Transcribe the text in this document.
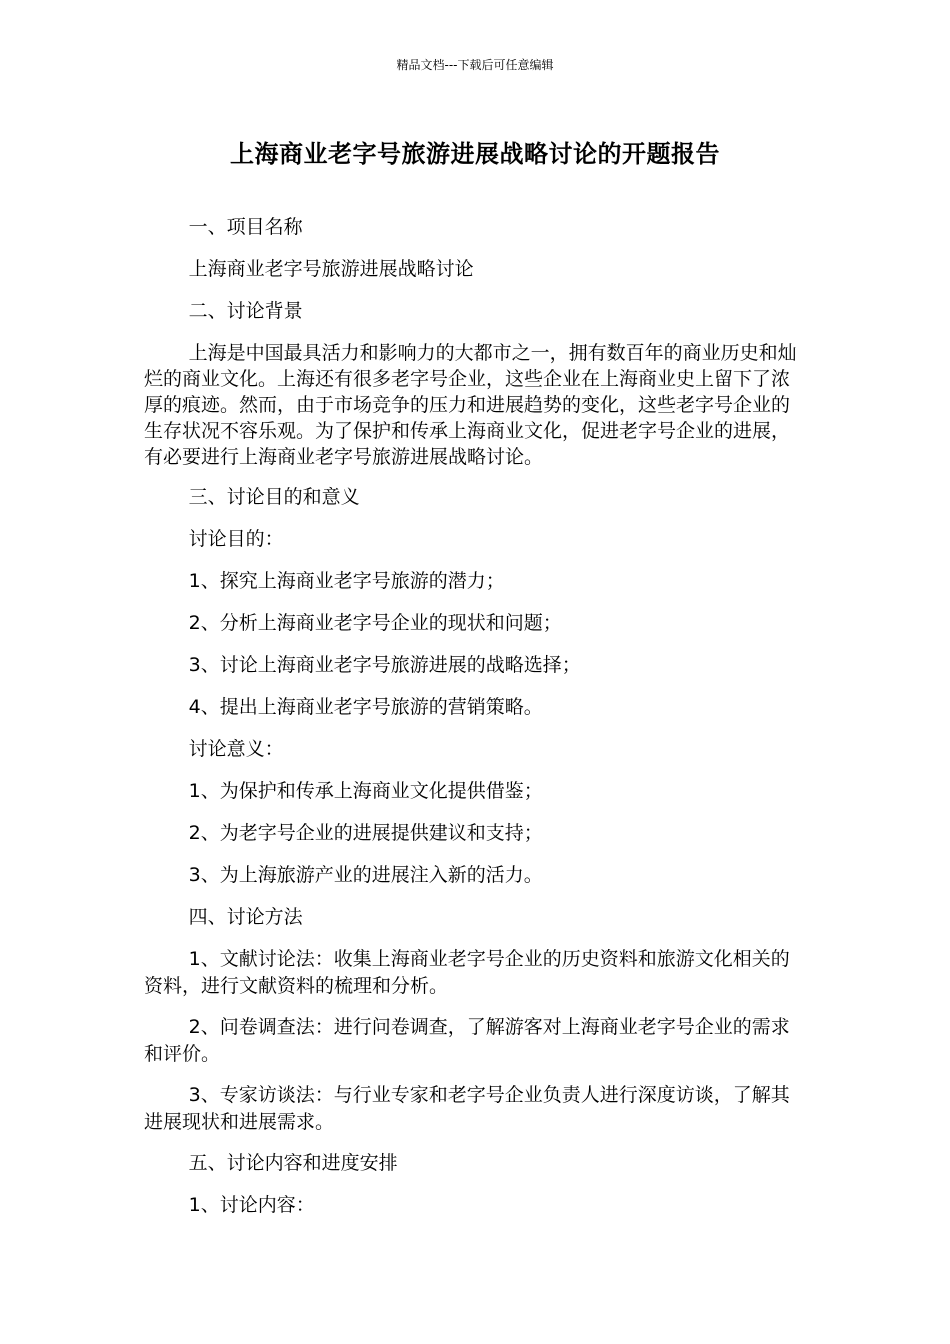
精品文档---下载后可任意编辑
上海商业老字号旅游进展战略讨论的开题报告

一、项目名称

上海商业老字号旅游进展战略讨论

二、讨论背景

上海是中国最具活力和影响力的大都市之一，拥有数百年的商业历史和灿烂的商业文化。上海还有很多老字号企业，这些企业在上海商业史上留下了浓厚的痕迹。然而，由于市场竞争的压力和进展趋势的变化，这些老字号企业的生存状况不容乐观。为了保护和传承上海商业文化，促进老字号企业的进展，有必要进行上海商业老字号旅游进展战略讨论。

三、讨论目的和意义

讨论目的：

1、探究上海商业老字号旅游的潜力；

2、分析上海商业老字号企业的现状和问题；

3、讨论上海商业老字号旅游进展的战略选择；

4、提出上海商业老字号旅游的营销策略。

讨论意义：

1、为保护和传承上海商业文化提供借鉴；

2、为老字号企业的进展提供建议和支持；

3、为上海旅游产业的进展注入新的活力。

四、讨论方法

1、文献讨论法：收集上海商业老字号企业的历史资料和旅游文化相关的资料，进行文献资料的梳理和分析。

2、问卷调查法：进行问卷调查，了解游客对上海商业老字号企业的需求和评价。

3、专家访谈法：与行业专家和老字号企业负责人进行深度访谈，了解其进展现状和进展需求。

五、讨论内容和进度安排

1、讨论内容：
